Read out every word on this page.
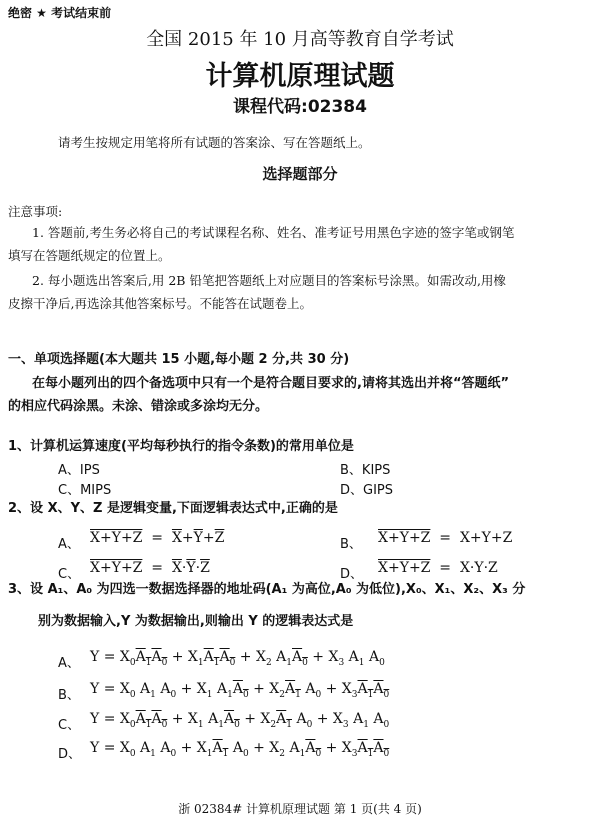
绝密 ★ 考试结束前
全国 2015 年 10 月高等教育自学考试
计算机原理试题
课程代码:02384
请考生按规定用笔将所有试题的答案涂、写在答题纸上。
选择题部分
注意事项:
1. 答题前,考生务必将自己的考试课程名称、姓名、准考证号用黑色字迹的签字笔或钢笔
填写在答题纸规定的位置上。
2. 每小题选出答案后,用 2B 铅笔把答题纸上对应题目的答案标号涂黑。如需改动,用橡
皮擦干净后,再选涂其他答案标号。不能答在试题卷上。
一、单项选择题(本大题共 15 小题,每小题 2 分,共 30 分)
在每小题列出的四个备选项中只有一个是符合题目要求的,请将其选出并将“答题纸”
的相应代码涂黑。未涂、错涂或多涂均无分。
1、计算机运算速度(平均每秒执行的指令条数)的常用单位是
A、IPS	B、KIPS
C、MIPS	D、GIPS
2、设 X、Y、Z 是逻辑变量,下面逻辑表达式中,正确的是
A、 $X+Y+Z = \overline{X}+\overline{Y}+\overline{Z}$	B、 X+Y+Z  =  X+Y+Z
C、 $X+Y+Z = \overline{X}\cdot\overline{Y}\cdot\overline{Z}$	D、 X+Y+Z  =  X·Y·Z
3、设 A₁、A₀ 为四选一数据选择器的地址码(A₁ 为高位,A₀ 为低位),X₀、X₁、X₂、X₃ 分
别为数据输入,Y 为数据输出,则输出 Y 的逻辑表达式是
A、 $Y = X_0A_1A_0 + X_1A_1A_0 + X_2$ $A_1A_0 + X_3$ $A_1$ $A_0$
B、 $Y = X_0$ $A_1$ $A_0 + X_1$ $A_1A_0 + X_2A_1$ $A_0 + X_3A_1A_0$
C、 $Y = X_0A_1A_0 + X_1$ $A_1A_0 + X_2A_1$ $A_0 + X_3$ $A_1$ $A_0$
D、 $Y = X_0$ $A_1$ $A_0 + X_1A_1$ $A_0 + X_2$ $A_1A_0 + X_3A_1A_0$
浙 02384# 计算机原理试题 第 1 页(共 4 页)
